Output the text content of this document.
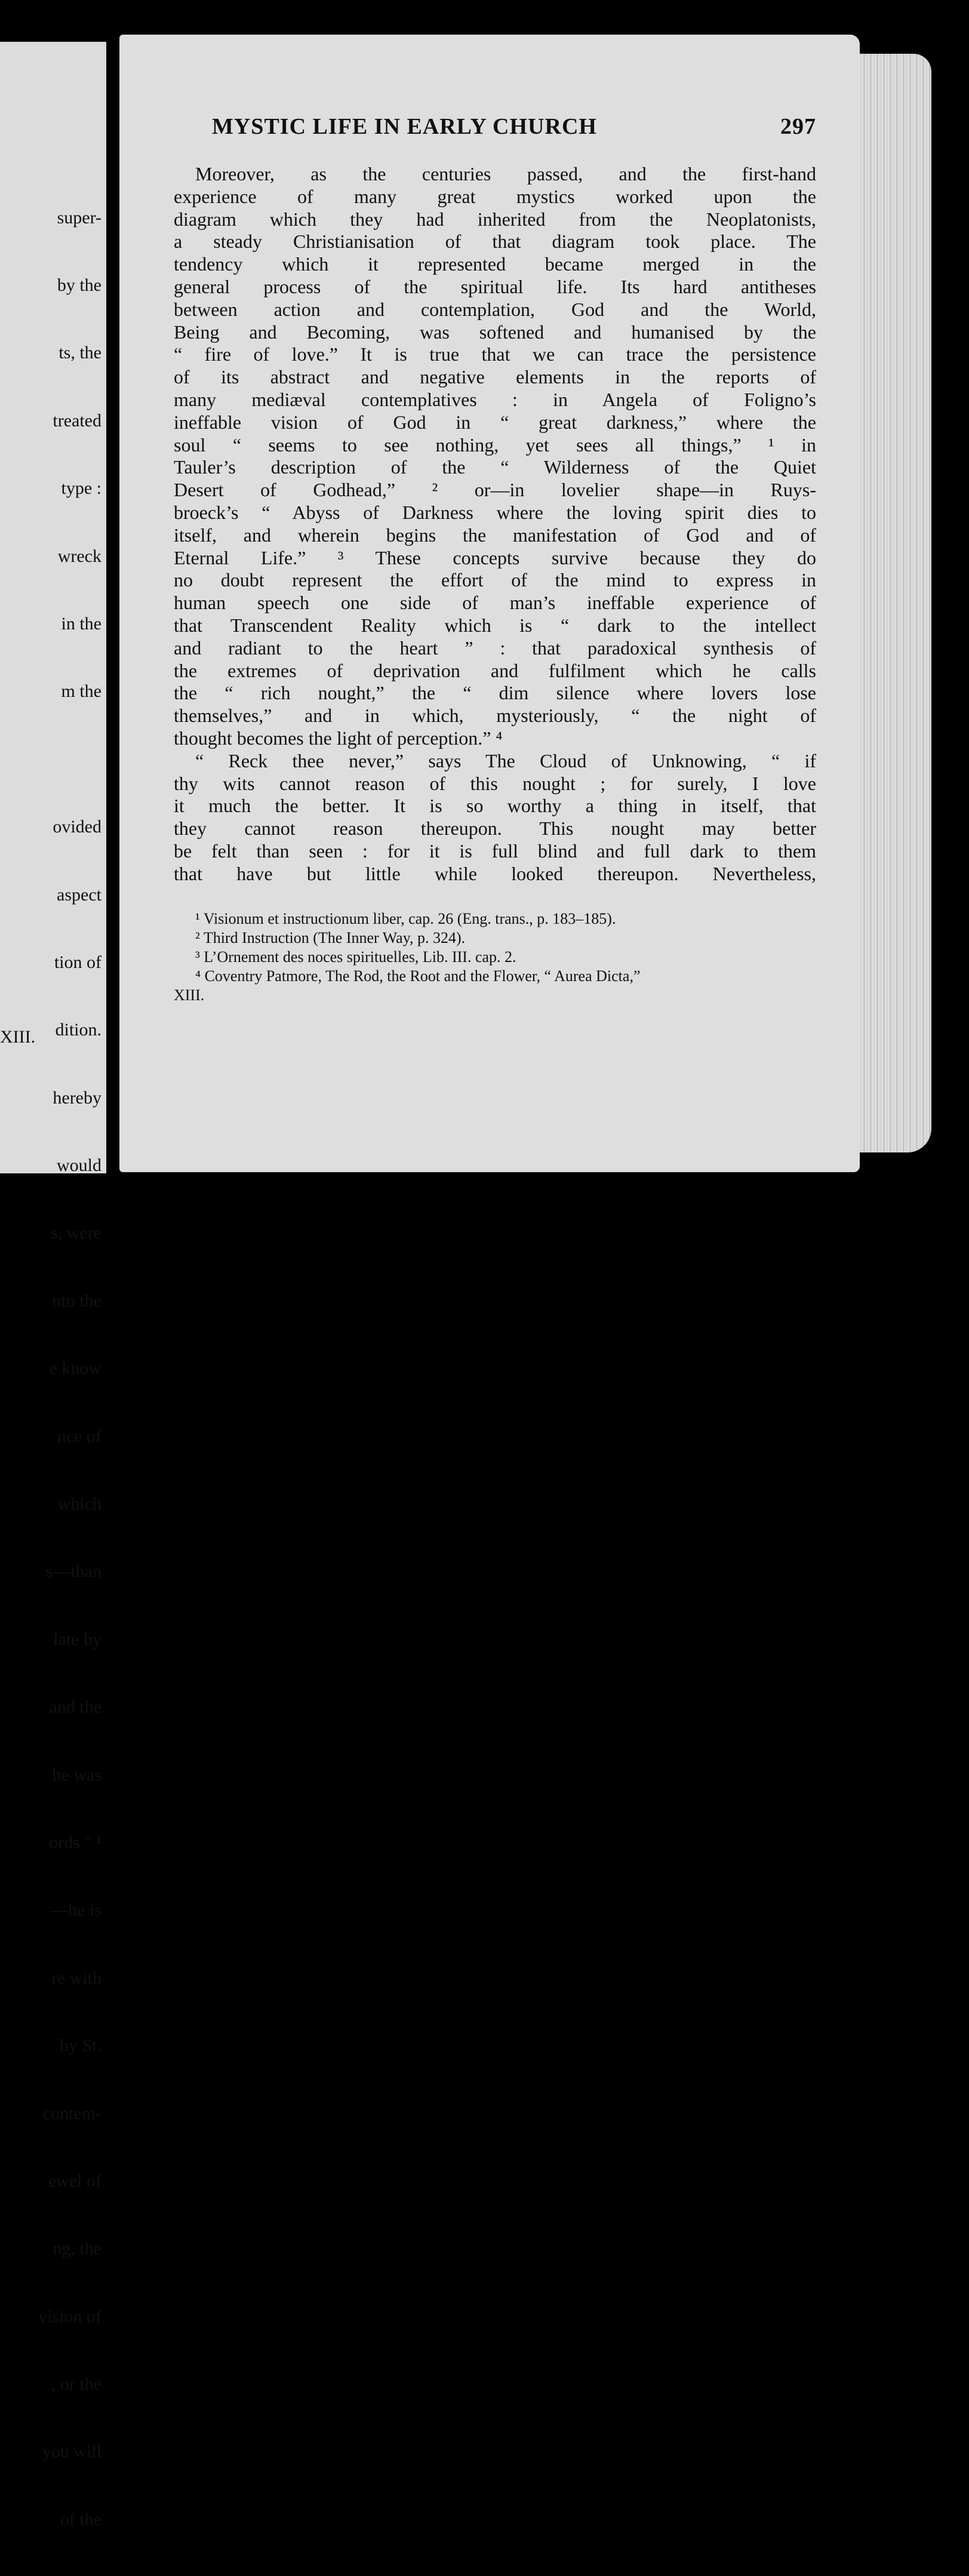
super-

by the

ts, the

treated

type :

wreck

in the

m the

ovided

aspect

tion of

dition.

hereby

would

s, were

nto the

e know

nce of

which

s—than

late by

and the

he was

ords " ¹

—he is

re with

by St.

contem-

ewel of

ng, the

vision of

, or the

you will

of the

XIII.
MYSTIC LIFE IN EARLY CHURCH	297
Moreover, as the centuries passed, and the first-hand
experience of many great mystics worked upon the
diagram which they had inherited from the Neoplatonists,
a steady Christianisation of that diagram took place. The
tendency which it represented became merged in the
general process of the spiritual life. Its hard antitheses
between action and contemplation, God and the World,
Being and Becoming, was softened and humanised by the
“ fire of love.” It is true that we can trace the persistence
of its abstract and negative elements in the reports of
many mediæval contemplatives : in Angela of Foligno’s
ineffable vision of God in “ great darkness,” where the
soul “ seems to see nothing, yet sees all things,” ¹ in
Tauler’s description of the “ Wilderness of the Quiet
Desert of Godhead,” ² or—in lovelier shape—in Ruys-
broeck’s “ Abyss of Darkness where the loving spirit dies to
itself, and wherein begins the manifestation of God and of
Eternal Life.” ³ These concepts survive because they do
no doubt represent the effort of the mind to express in
human speech one side of man’s ineffable experience of
that Transcendent Reality which is “ dark to the intellect
and radiant to the heart ” : that paradoxical synthesis of
the extremes of deprivation and fulfilment which he calls
the “ rich nought,” the “ dim silence where lovers lose
themselves,” and in which, mysteriously, “ the night of
thought becomes the light of perception.” ⁴
“ Reck thee never,” says The Cloud of Unknowing, “ if
thy wits cannot reason of this nought ; for surely, I love
it much the better. It is so worthy a thing in itself, that
they cannot reason thereupon. This nought may better
be felt than seen : for it is full blind and full dark to them
that have but little while looked thereupon. Nevertheless,
¹ Visionum et instructionum liber, cap. 26 (Eng. trans., p. 183–185).
² Third Instruction (The Inner Way, p. 324).
³ L’Ornement des noces spirituelles, Lib. III. cap. 2.
⁴ Coventry Patmore, The Rod, the Root and the Flower, “ Aurea Dicta,”
XIII.
